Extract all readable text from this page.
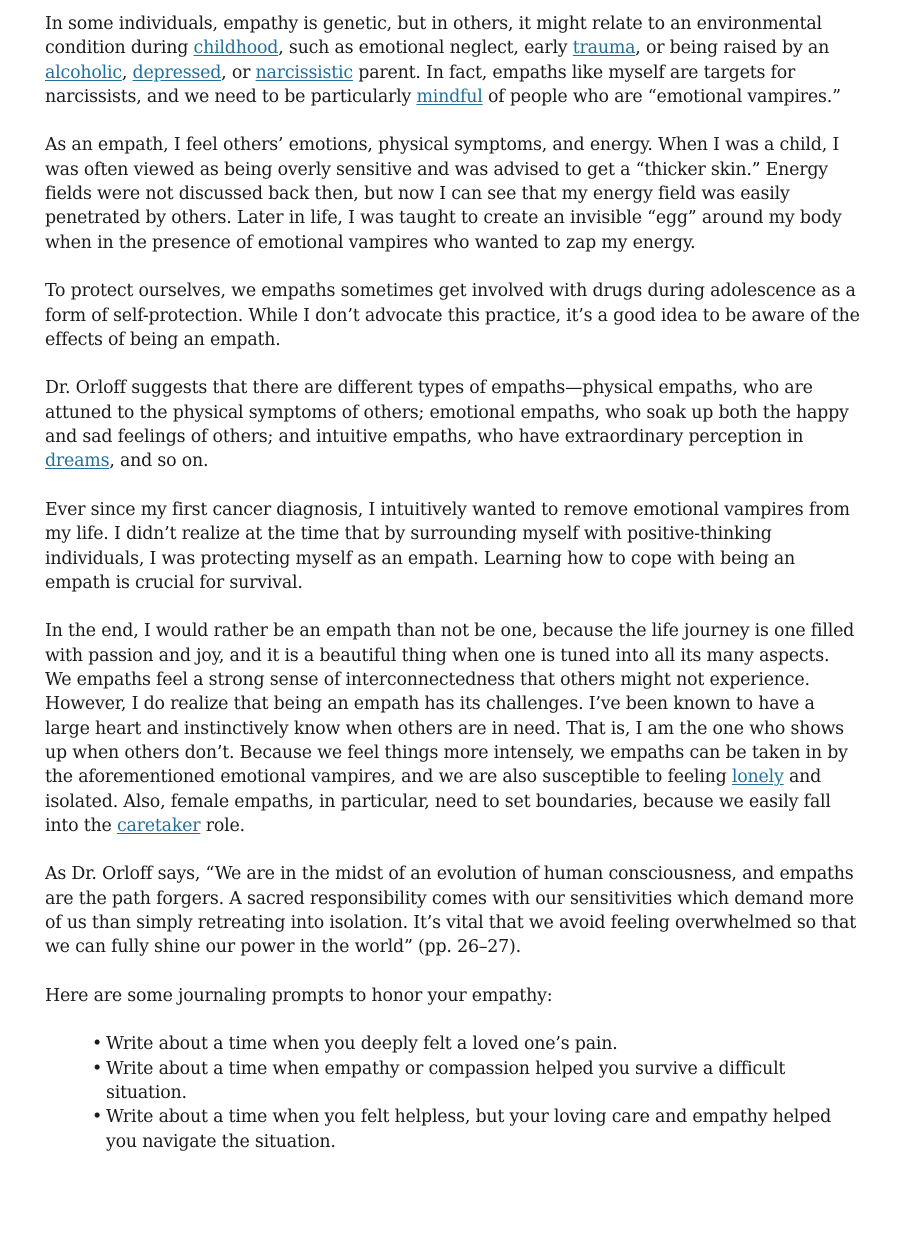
In some individuals, empathy is genetic, but in others, it might relate to an environmental condition during childhood, such as emotional neglect, early trauma, or being raised by an alcoholic, depressed, or narcissistic parent. In fact, empaths like myself are targets for narcissists, and we need to be particularly mindful of people who are “emotional vampires.”

As an empath, I feel others’ emotions, physical symptoms, and energy. When I was a child, I was often viewed as being overly sensitive and was advised to get a “thicker skin.” Energy fields were not discussed back then, but now I can see that my energy field was easily penetrated by others. Later in life, I was taught to create an invisible “egg” around my body when in the presence of emotional vampires who wanted to zap my energy.

To protect ourselves, we empaths sometimes get involved with drugs during adolescence as a form of self-protection. While I don’t advocate this practice, it’s a good idea to be aware of the effects of being an empath.

Dr. Orloff suggests that there are different types of empaths—physical empaths, who are attuned to the physical symptoms of others; emotional empaths, who soak up both the happy and sad feelings of others; and intuitive empaths, who have extraordinary perception in dreams, and so on.

Ever since my first cancer diagnosis, I intuitively wanted to remove emotional vampires from my life. I didn’t realize at the time that by surrounding myself with positive-thinking individuals, I was protecting myself as an empath. Learning how to cope with being an empath is crucial for survival.

In the end, I would rather be an empath than not be one, because the life journey is one filled with passion and joy, and it is a beautiful thing when one is tuned into all its many aspects. We empaths feel a strong sense of interconnectedness that others might not experience. However, I do realize that being an empath has its challenges. I’ve been known to have a large heart and instinctively know when others are in need. That is, I am the one who shows up when others don’t. Because we feel things more intensely, we empaths can be taken in by the aforementioned emotional vampires, and we are also susceptible to feeling lonely and isolated. Also, female empaths, in particular, need to set boundaries, because we easily fall into the caretaker role.

As Dr. Orloff says, “We are in the midst of an evolution of human consciousness, and empaths are the path forgers. A sacred responsibility comes with our sensitivities which demand more of us than simply retreating into isolation. It’s vital that we avoid feeling overwhelmed so that we can fully shine our power in the world” (pp. 26–27).

Here are some journaling prompts to honor your empathy:

• Write about a time when you deeply felt a loved one’s pain.
• Write about a time when empathy or compassion helped you survive a difficult situation.
• Write about a time when you felt helpless, but your loving care and empathy helped you navigate the situation.
